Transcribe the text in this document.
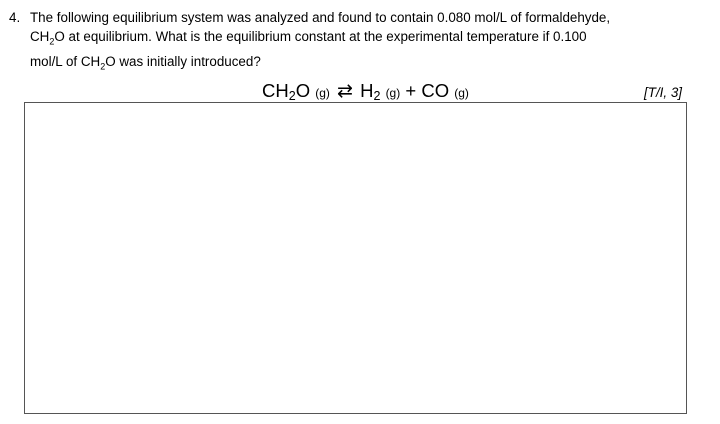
4. The following equilibrium system was analyzed and found to contain 0.080 mol/L of formaldehyde,
$CH_2O$ at equilibrium. What is the equilibrium constant at the experimental temperature if 0.100
mol/L of $CH_2O$ was initially introduced?
$CH_2O$ (g) ⇄ $H_2$ (g) + CO (g)	[T/I, 3]
